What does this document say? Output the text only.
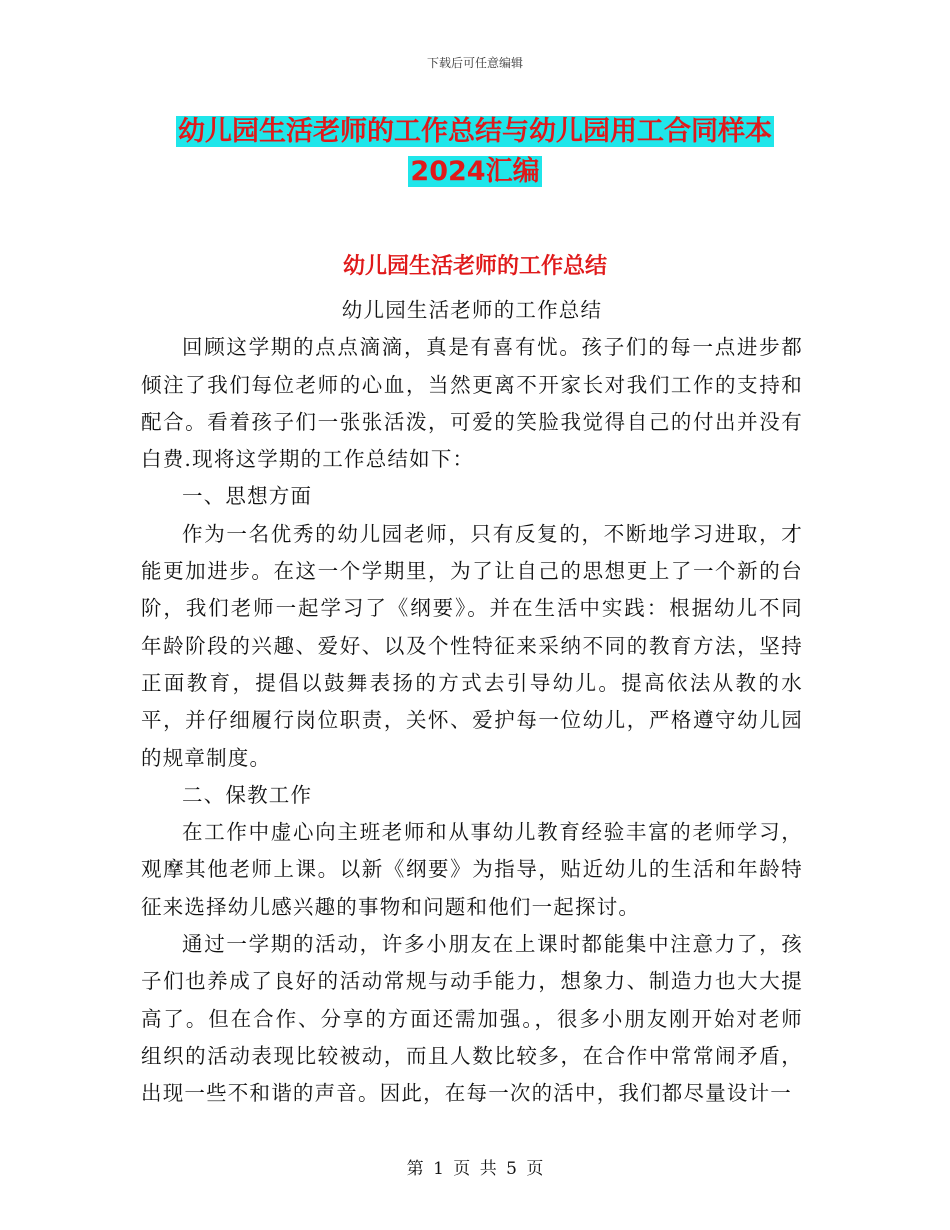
下载后可任意编辑
幼儿园生活老师的工作总结与幼儿园用工合同样本
2024汇编
幼儿园生活老师的工作总结

幼儿园生活老师的工作总结

回顾这学期的点点滴滴，真是有喜有忧。孩子们的每一点进步都倾注了我们每位老师的心血，当然更离不开家长对我们工作的支持和配合。看着孩子们一张张活泼，可爱的笑脸我觉得自己的付出并没有白费.现将这学期的工作总结如下：

一、思想方面

作为一名优秀的幼儿园老师，只有反复的，不断地学习进取，才能更加进步。在这一个学期里，为了让自己的思想更上了一个新的台阶，我们老师一起学习了《纲要》。并在生活中实践：根据幼儿不同年龄阶段的兴趣、爱好、以及个性特征来采纳不同的教育方法，坚持正面教育，提倡以鼓舞表扬的方式去引导幼儿。提高依法从教的水平，并仔细履行岗位职责，关怀、爱护每一位幼儿，严格遵守幼儿园的规章制度。

二、保教工作

在工作中虚心向主班老师和从事幼儿教育经验丰富的老师学习，观摩其他老师上课。以新《纲要》为指导，贴近幼儿的生活和年龄特征来选择幼儿感兴趣的事物和问题和他们一起探讨。

通过一学期的活动，许多小朋友在上课时都能集中注意力了，孩子们也养成了良好的活动常规与动手能力，想象力、制造力也大大提高了。但在合作、分享的方面还需加强。，很多小朋友刚开始对老师组织的活动表现比较被动，而且人数比较多，在合作中常常闹矛盾，出现一些不和谐的声音。因此，在每一次的活中，我们都尽量设计一

第 1 页 共 5 页
